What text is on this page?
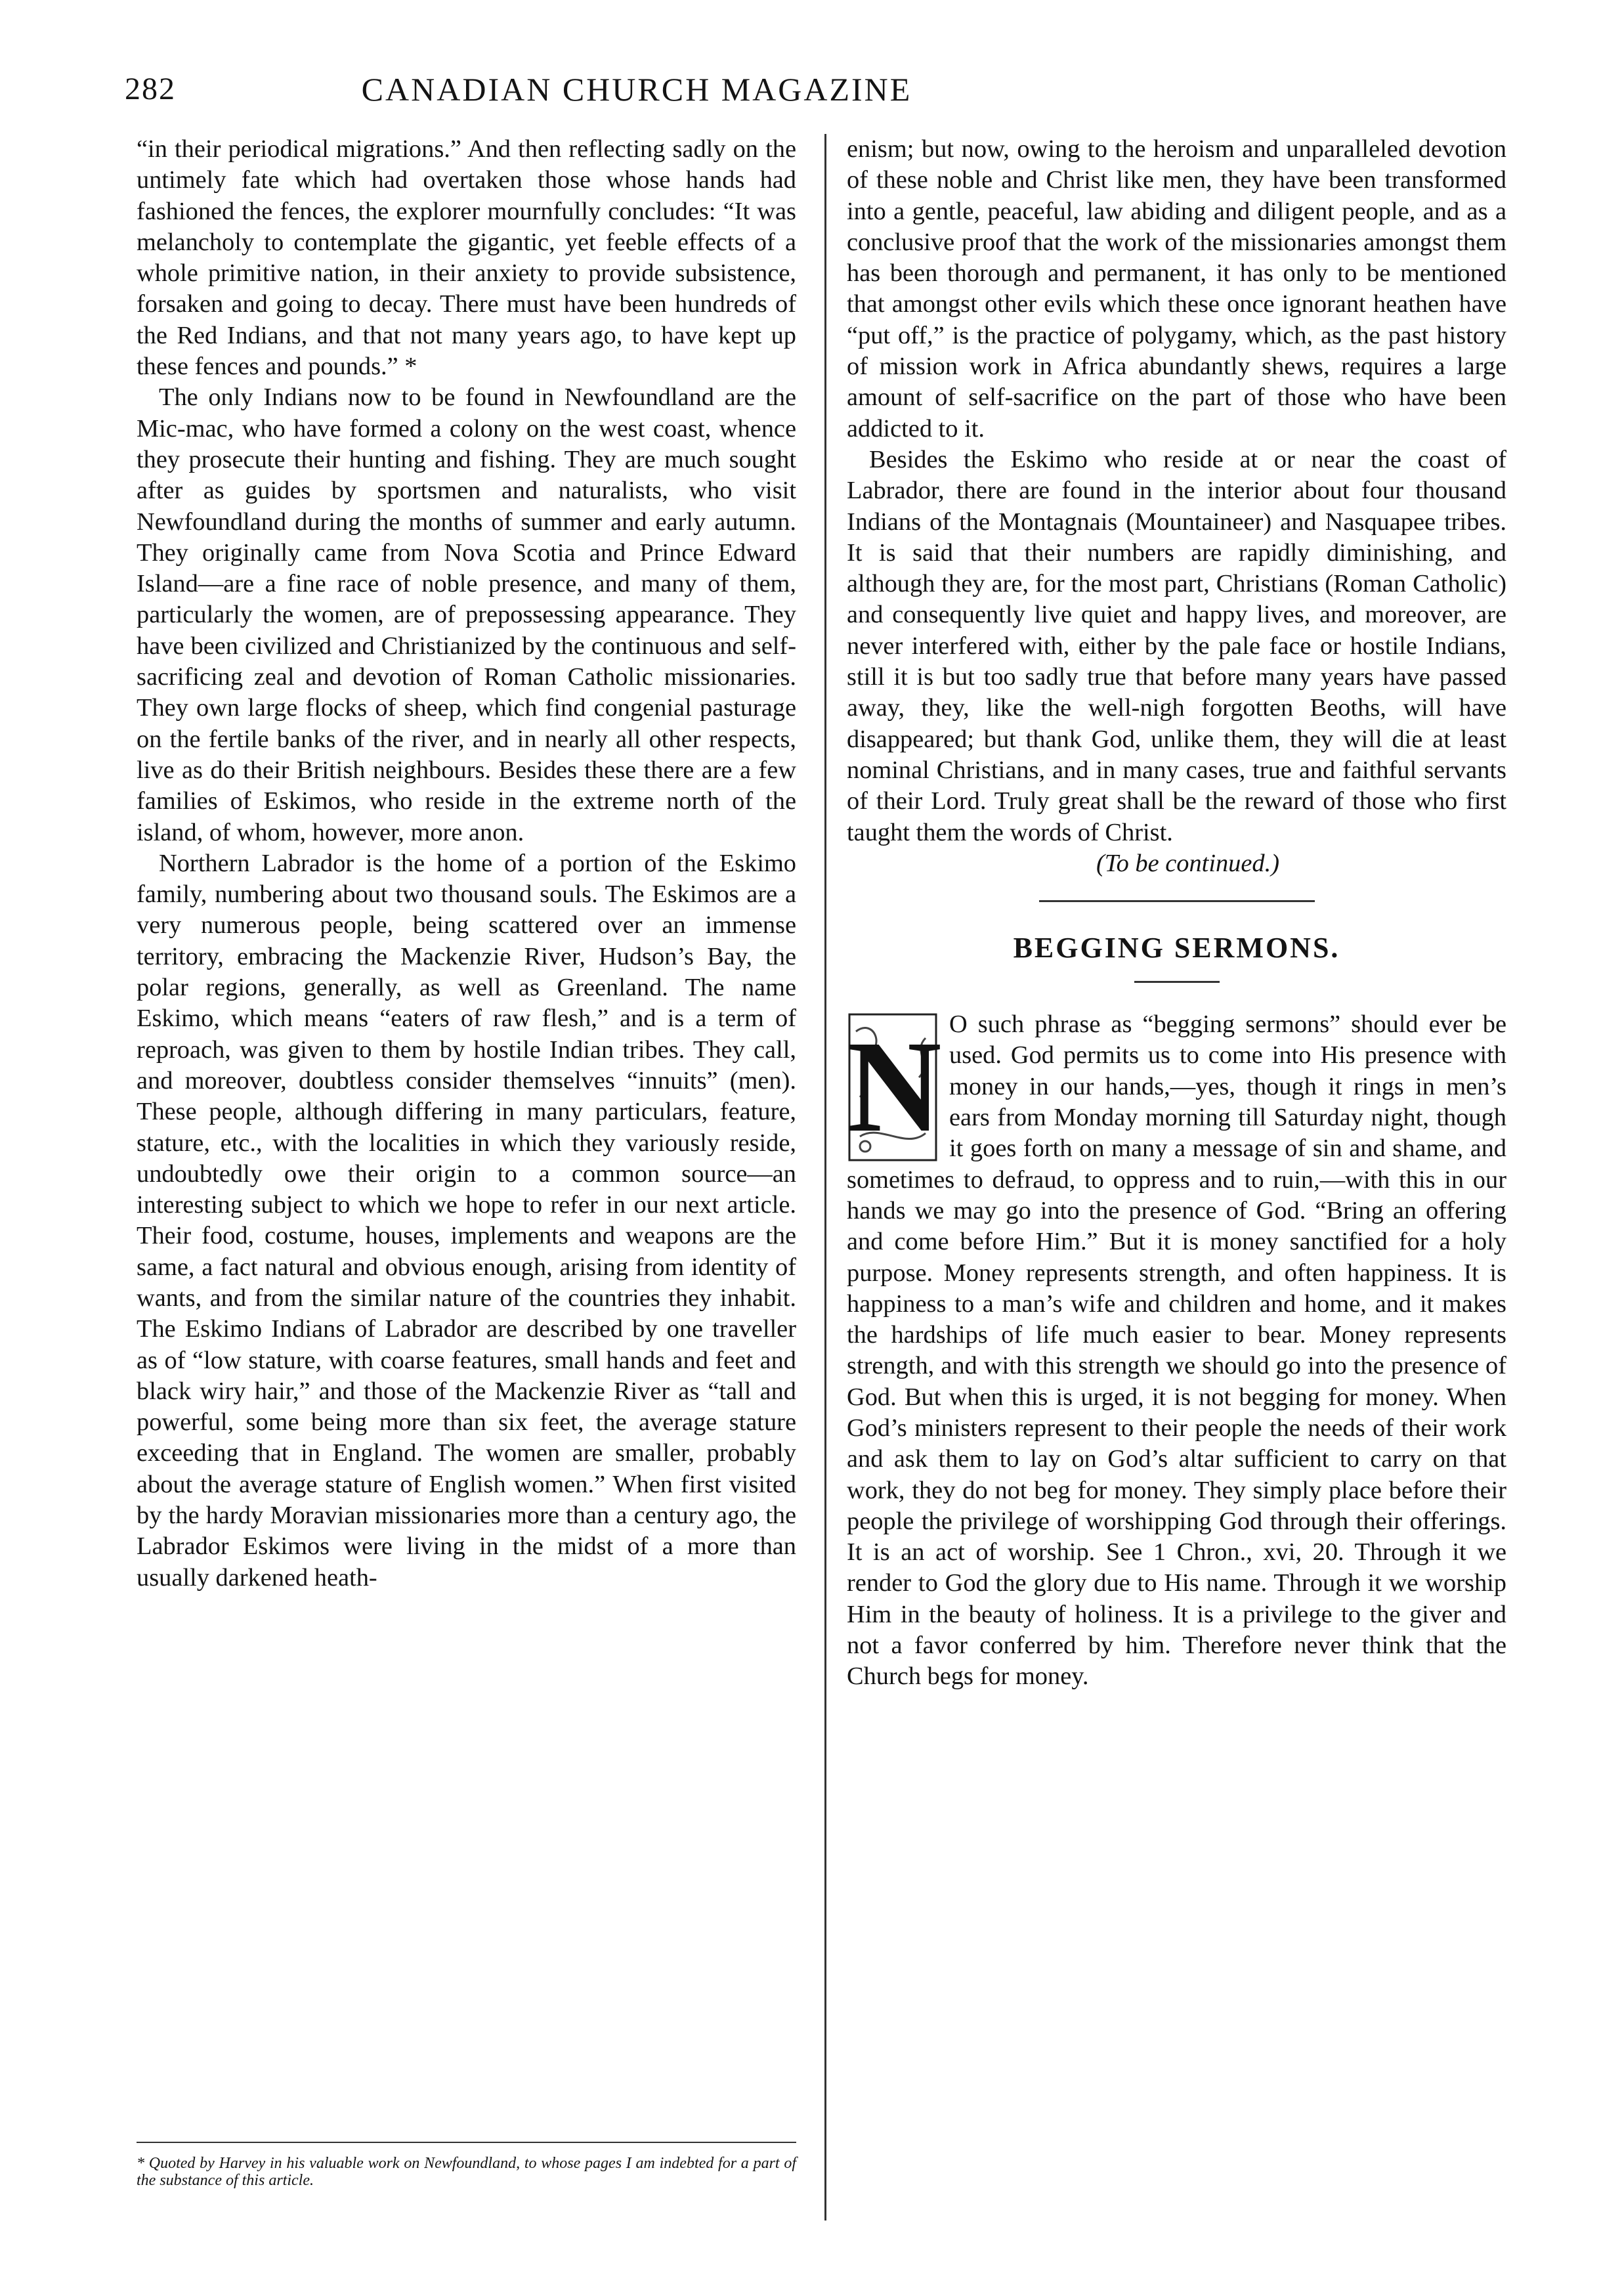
282	CANADIAN CHURCH MAGAZINE

“in their periodical migrations.” And then reflecting sadly on the untimely fate which had overtaken those whose hands had fashioned the fences, the explorer mournfully concludes: “It was melancholy to contemplate the gigantic, yet feeble effects of a whole primitive nation, in their anxiety to provide subsistence, forsaken and going to decay. There must have been hundreds of the Red Indians, and that not many years ago, to have kept up these fences and pounds.” *

The only Indians now to be found in Newfoundland are the Mic-mac, who have formed a colony on the west coast, whence they prosecute their hunting and fishing. They are much sought after as guides by sportsmen and naturalists, who visit Newfoundland during the months of summer and early autumn. They originally came from Nova Scotia and Prince Edward Island—are a fine race of noble presence, and many of them, particularly the women, are of prepossessing appearance. They have been civilized and Christianized by the continuous and self-sacrificing zeal and devotion of Roman Catholic missionaries. They own large flocks of sheep, which find congenial pasturage on the fertile banks of the river, and in nearly all other respects, live as do their British neighbours. Besides these there are a few families of Eskimos, who reside in the extreme north of the island, of whom, however, more anon.

Northern Labrador is the home of a portion of the Eskimo family, numbering about two thousand souls. The Eskimos are a very numerous people, being scattered over an immense territory, embracing the Mackenzie River, Hudson’s Bay, the polar regions, generally, as well as Greenland. The name Eskimo, which means “eaters of raw flesh,” and is a term of reproach, was given to them by hostile Indian tribes. They call, and moreover, doubtless consider themselves “innuits” (men). These people, although differing in many particulars, feature, stature, etc., with the localities in which they variously reside, undoubtedly owe their origin to a common source—an interesting subject to which we hope to refer in our next article. Their food, costume, houses, implements and weapons are the same, a fact natural and obvious enough, arising from identity of wants, and from the similar nature of the countries they inhabit. The Eskimo Indians of Labrador are described by one traveller as of “low stature, with coarse features, small hands and feet and black wiry hair,” and those of the Mackenzie River as “tall and powerful, some being more than six feet, the average stature exceeding that in England. The women are smaller, probably about the average stature of English women.” When first visited by the hardy Moravian missionaries more than a century ago, the Labrador Eskimos were living in the midst of a more than usually darkened heath-

enism; but now, owing to the heroism and unparalleled devotion of these noble and Christ like men, they have been transformed into a gentle, peaceful, law abiding and diligent people, and as a conclusive proof that the work of the missionaries amongst them has been thorough and permanent, it has only to be mentioned that amongst other evils which these once ignorant heathen have “put off,” is the practice of polygamy, which, as the past history of mission work in Africa abundantly shews, requires a large amount of self-sacrifice on the part of those who have been addicted to it.

Besides the Eskimo who reside at or near the coast of Labrador, there are found in the interior about four thousand Indians of the Montagnais (Mountaineer) and Nasquapee tribes. It is said that their numbers are rapidly diminishing, and although they are, for the most part, Christians (Roman Catholic) and consequently live quiet and happy lives, and moreover, are never interfered with, either by the pale face or hostile Indians, still it is but too sadly true that before many years have passed away, they, like the well-nigh forgotten Beoths, will have disappeared; but thank God, unlike them, they will die at least nominal Christians, and in many cases, true and faithful servants of their Lord. Truly great shall be the reward of those who first taught them the words of Christ.

(To be continued.)

BEGGING SERMONS.
N O such phrase as “begging sermons” should ever be used. God permits us to come into His presence with money in our hands,—yes, though it rings in men’s ears from Monday morning till Saturday night, though it goes forth on many a message of sin and shame, and sometimes to defraud, to oppress and to ruin,—with this in our hands we may go into the presence of God. “Bring an offering and come before Him.” But it is money sanctified for a holy purpose. Money represents strength, and often happiness. It is happiness to a man’s wife and children and home, and it makes the hardships of life much easier to bear. Money represents strength, and with this strength we should go into the presence of God. But when this is urged, it is not begging for money. When God’s ministers represent to their people the needs of their work and ask them to lay on God’s altar sufficient to carry on that work, they do not beg for money. They simply place before their people the privilege of worshipping God through their offerings. It is an act of worship. See 1 Chron., xvi, 20. Through it we render to God the glory due to His name. Through it we worship Him in the beauty of holiness. It is a privilege to the giver and not a favor conferred by him. Therefore never think that the Church begs for money.

* Quoted by Harvey in his valuable work on Newfoundland, to whose pages I am indebted for a part of the substance of this article.
